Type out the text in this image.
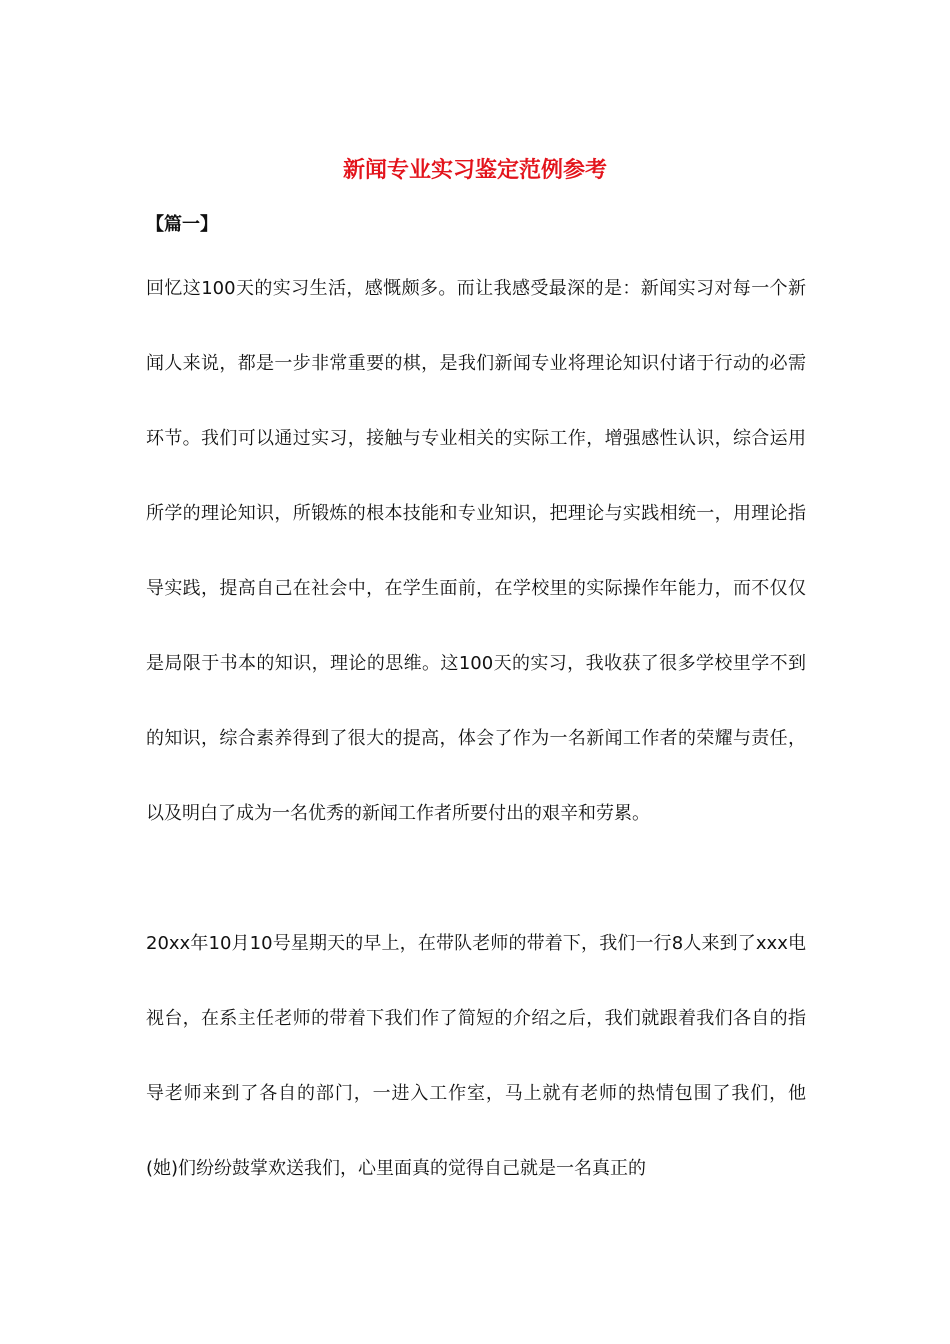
新闻专业实习鉴定范例参考

【篇一】

回忆这100天的实习生活，感慨颇多。而让我感受最深的是：新闻实习对每一个新闻人来说，都是一步非常重要的棋，是我们新闻专业将理论知识付诸于行动的必需环节。我们可以通过实习，接触与专业相关的实际工作，增强感性认识，综合运用所学的理论知识，所锻炼的根本技能和专业知识，把理论与实践相统一，用理论指导实践，提高自己在社会中，在学生面前，在学校里的实际操作年能力，而不仅仅是局限于书本的知识，理论的思维。这100天的实习，我收获了很多学校里学不到的知识，综合素养得到了很大的提高，体会了作为一名新闻工作者的荣耀与责任，以及明白了成为一名优秀的新闻工作者所要付出的艰辛和劳累。

20xx年10月10号星期天的早上，在带队老师的带着下，我们一行8人来到了xxx电视台，在系主任老师的带着下我们作了简短的介绍之后，我们就跟着我们各自的指导老师来到了各自的部门，一进入工作室，马上就有老师的热情包围了我们，他(她)们纷纷鼓掌欢送我们，心里面真的觉得自己就是一名真正的
